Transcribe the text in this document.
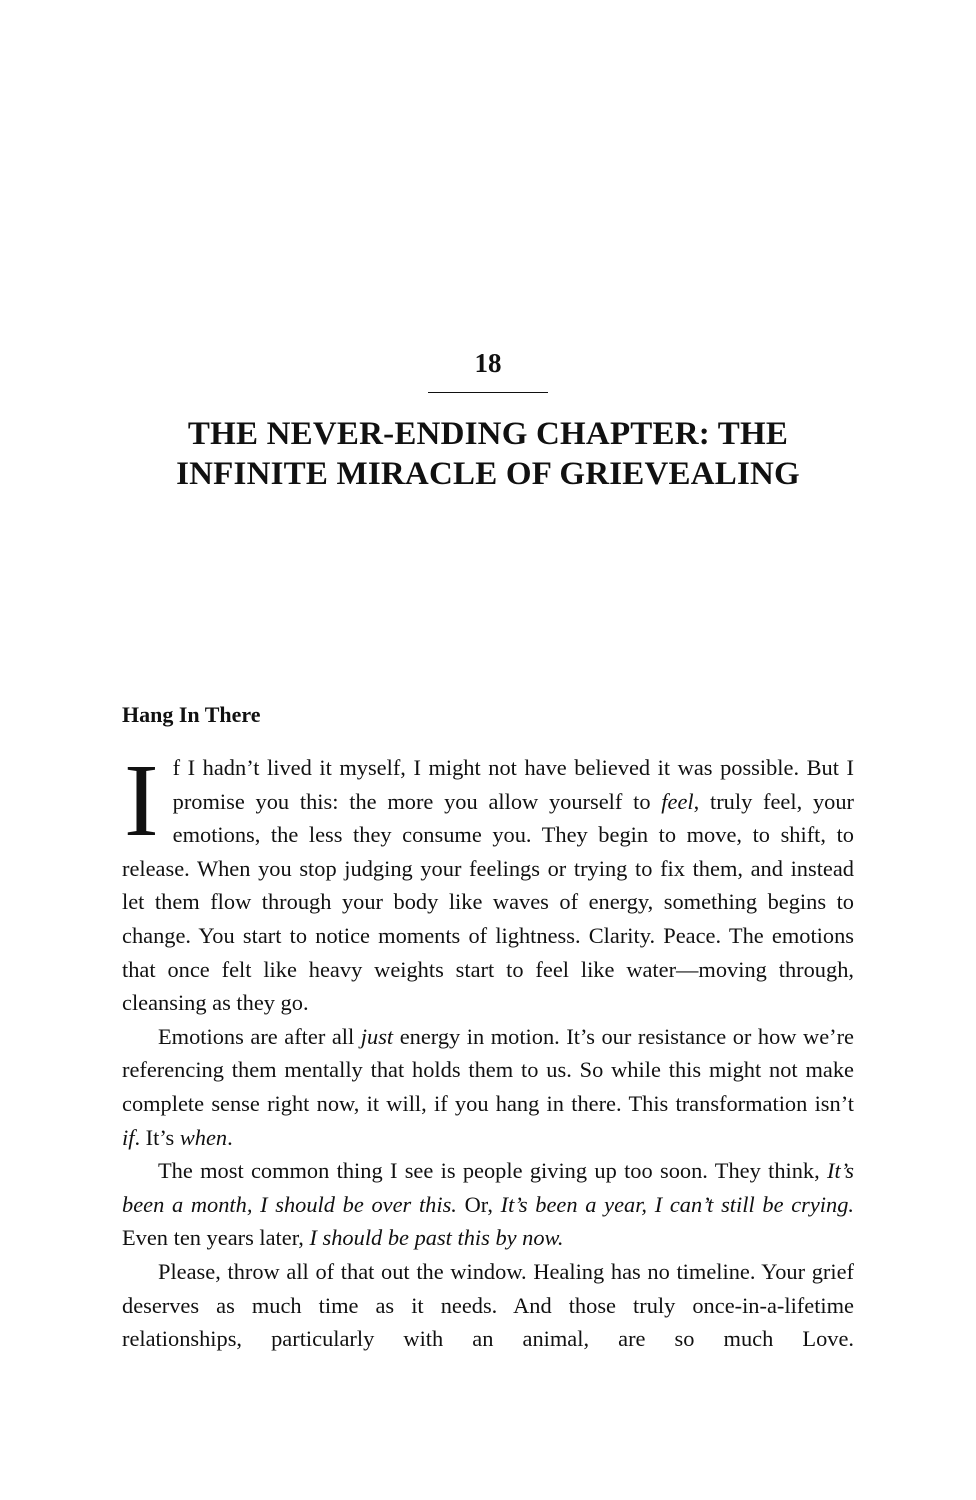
18
THE NEVER-ENDING CHAPTER: THE
INFINITE MIRACLE OF GRIEVEALING
Hang In There

If I hadn’t lived it myself, I might not have believed it was possible. But I promise you this: the more you allow yourself to feel, truly feel, your emotions, the less they consume you. They begin to move, to shift, to release. When you stop judging your feelings or trying to fix them, and instead let them flow through your body like waves of energy, something begins to change. You start to notice moments of lightness. Clarity. Peace. The emotions that once felt like heavy weights start to feel like water—moving through, cleansing as they go.

Emotions are after all just energy in motion. It’s our resistance or how we’re referencing them mentally that holds them to us. So while this might not make complete sense right now, it will, if you hang in there. This transformation isn’t if. It’s when.

The most common thing I see is people giving up too soon. They think, It’s been a month, I should be over this. Or, It’s been a year, I can’t still be crying. Even ten years later, I should be past this by now.

Please, throw all of that out the window. Healing has no timeline. Your grief deserves as much time as it needs. And those truly once-in-a-lifetime relationships, particularly with an animal, are so much Love.
